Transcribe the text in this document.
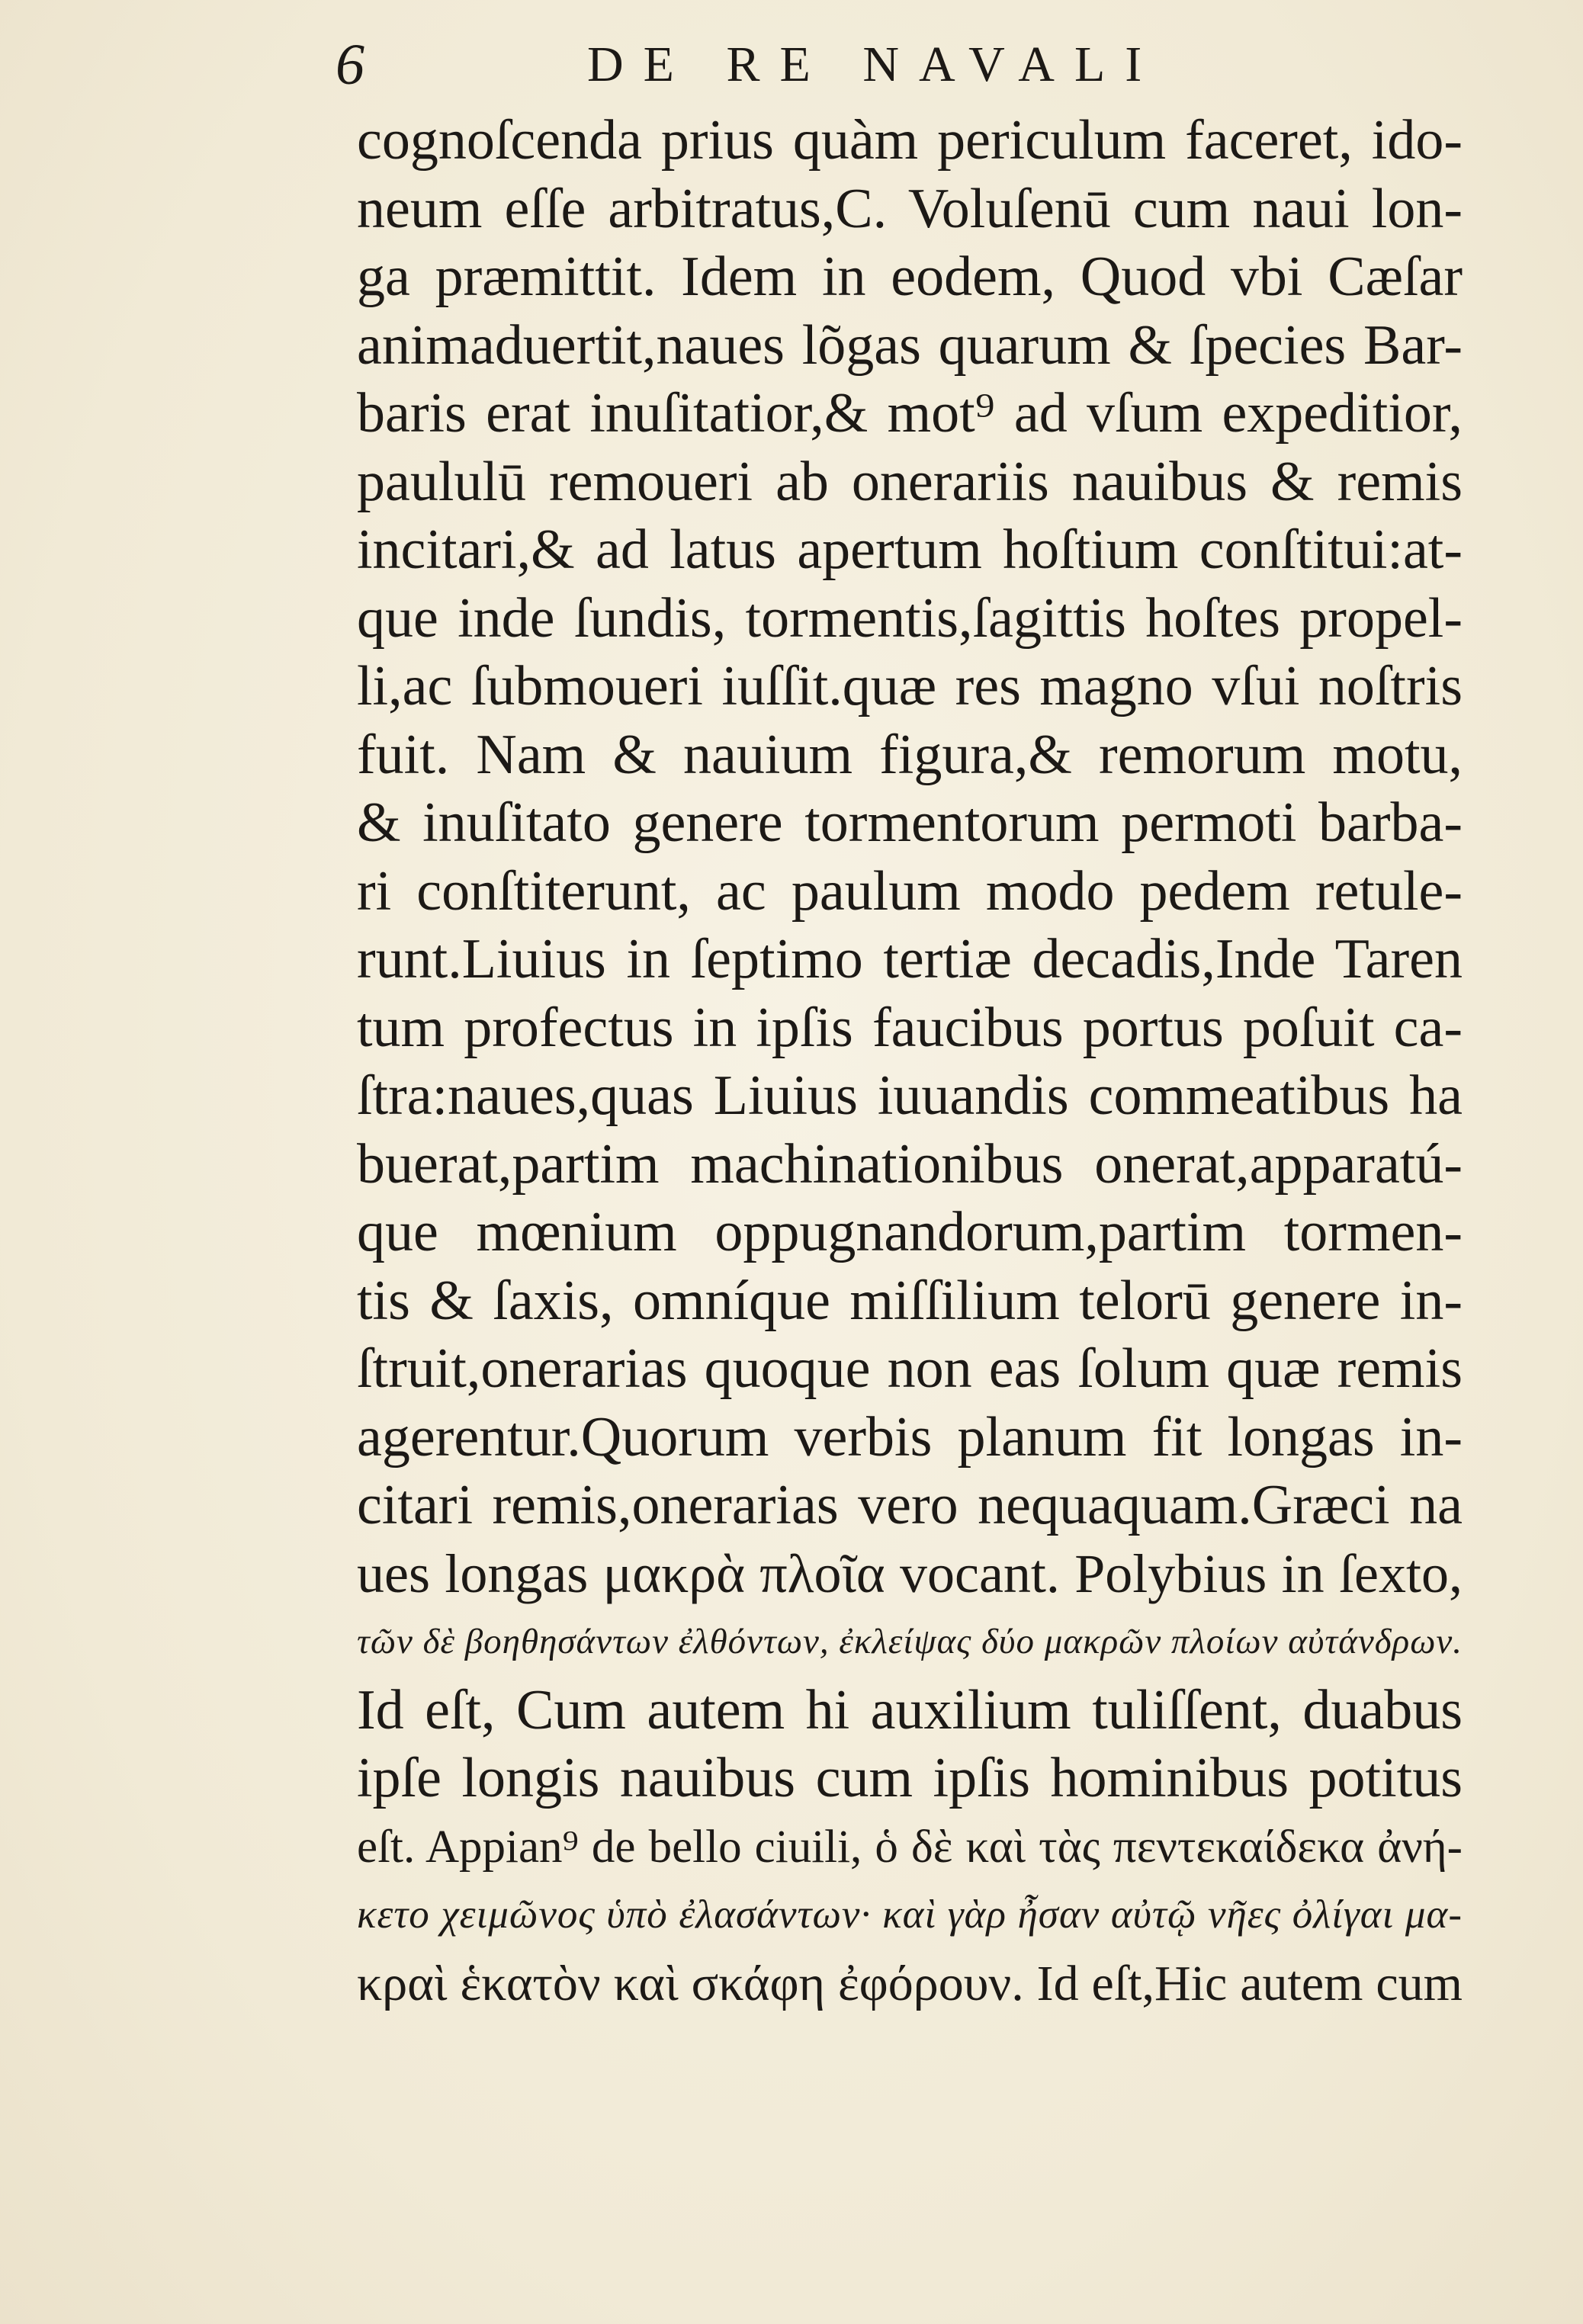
6	DE RE NAVALI
cognoſcenda prius quàm periculum faceret, ido-
neum eſſe arbitratus,C. Voluſenū cum naui lon-
ga præmittit. Idem in eodem, Quod vbi Cæſar
animaduertit,naues lõgas quarum & ſpecies Bar-
baris erat inuſitatior,& mot⁹ ad vſum expeditior,
paululū remoueri ab onerariis nauibus & remis
incitari,& ad latus apertum hoſtium conſtitui:at-
que inde ſundis, tormentis,ſagittis hoſtes propel-
li,ac ſubmoueri iuſſit.quæ res magno vſui noſtris
fuit. Nam & nauium figura,& remorum motu,
& inuſitato genere tormentorum permoti barba-
ri conſtiterunt, ac paulum modo pedem retule-
runt.Liuius in ſeptimo tertiæ decadis,Inde Taren
tum profectus in ipſis faucibus portus poſuit ca-
ſtra:naues,quas Liuius iuuandis commeatibus ha
buerat,partim machinationibus onerat,apparatú-
que mœnium oppugnandorum,partim tormen-
tis & ſaxis, omníque miſſilium telorū genere in-
ſtruit,onerarias quoque non eas ſolum quæ remis
agerentur.Quorum verbis planum fit longas in-
citari remis,onerarias vero nequaquam.Græci na
ues longas μακρὰ πλοῖα vocant. Polybius in ſexto,
τῶν δὲ βοηθησάντων ἐλθόντων, ἐκλείψας δύο μακρῶν πλοίων αὐτάνδρων.
Id eſt, Cum autem hi auxilium tuliſſent, duabus
ipſe longis nauibus cum ipſis hominibus potitus
eſt. Appian⁹ de bello ciuili, ὁ δὲ καὶ τὰς πεντεκαίδεκα ἀνή-
κετο χειμῶνος ὑπὸ ἐλασάντων· καὶ γὰρ ἦσαν αὐτῷ νῆες ὀλίγαι μα-
κραὶ ἑκατὸν καὶ σκάφη ἐφόρουν. Id eſt,Hic autem cum
